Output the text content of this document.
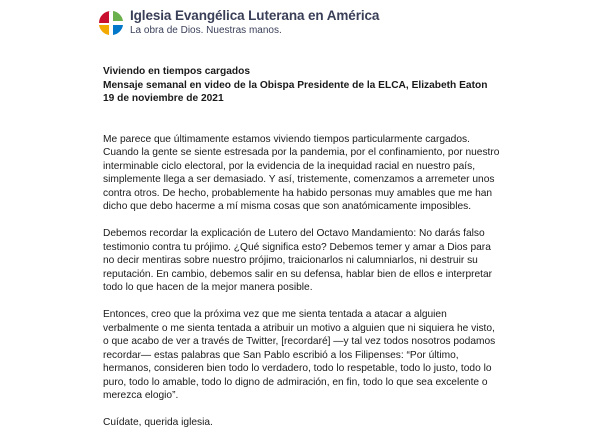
Iglesia Evangélica Luterana en América
La obra de Dios. Nuestras manos.

Viviendo en tiempos cargados

Mensaje semanal en video de la Obispa Presidente de la ELCA, Elizabeth Eaton

19 de noviembre de 2021

Me parece que últimamente estamos viviendo tiempos particularmente cargados. Cuando la gente se siente estresada por la pandemia, por el confinamiento, por nuestro interminable ciclo electoral, por la evidencia de la inequidad racial en nuestro país, simplemente llega a ser demasiado. Y así, tristemente, comenzamos a arremeter unos contra otros. De hecho, probablemente ha habido personas muy amables que me han dicho que debo hacerme a mí misma cosas que son anatómicamente imposibles.

Debemos recordar la explicación de Lutero del Octavo Mandamiento: No darás falso testimonio contra tu prójimo. ¿Qué significa esto? Debemos temer y amar a Dios para no decir mentiras sobre nuestro prójimo, traicionarlos ni calumniarlos, ni destruir su reputación. En cambio, debemos salir en su defensa, hablar bien de ellos e interpretar todo lo que hacen de la mejor manera posible.

Entonces, creo que la próxima vez que me sienta tentada a atacar a alguien verbalmente o me sienta tentada a atribuir un motivo a alguien que ni siquiera he visto, o que acabo de ver a través de Twitter, [recordaré] —y tal vez todos nosotros podamos recordar— estas palabras que San Pablo escribió a los Filipenses: “Por último, hermanos, consideren bien todo lo verdadero, todo lo respetable, todo lo justo, todo lo puro, todo lo amable, todo lo digno de admiración, en fin, todo lo que sea excelente o merezca elogio”.

Cuídate, querida iglesia.
